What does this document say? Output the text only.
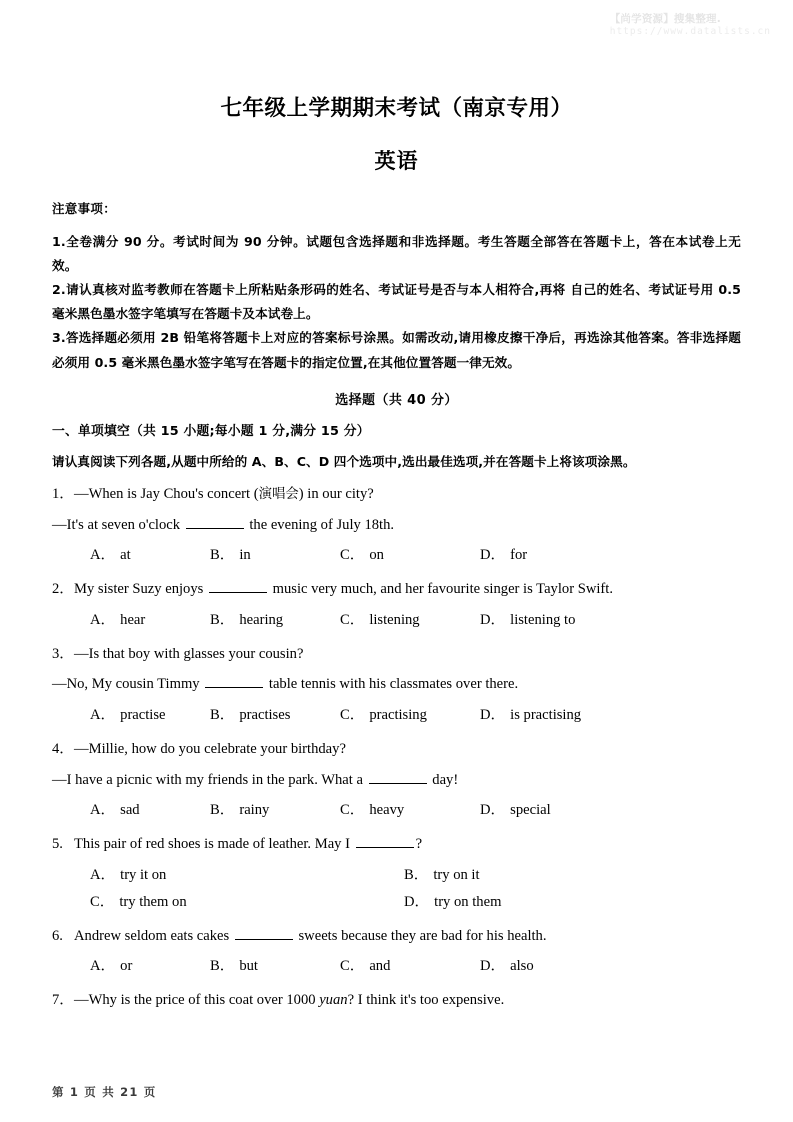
【尚学资源】搜集整理.
https://www.datalists.cn
七年级上学期期末考试（南京专用）
英语
注意事项：

1.全卷满分 90 分。考试时间为 90 分钟。试题包含选择题和非选择题。考生答题全部答在答题卡上，答在本试卷上无效。

2.请认真核对监考教师在答题卡上所粘贴条形码的姓名、考试证号是否与本人相符合,再将 自己的姓名、考试证号用 0.5 毫米黑色墨水签字笔填写在答题卡及本试卷上。

3.答选择题必须用 2B 铅笔将答题卡上对应的答案标号涂黑。如需改动,请用橡皮擦干净后，再选涂其他答案。答非选择题必须用 0.5 毫米黑色墨水签字笔写在答题卡的指定位置,在其他位置答题一律无效。

选择题（共 40 分）
一、单项填空（共 15 小题;每小题 1 分,满分 15 分）
请认真阅读下列各题,从题中所给的 A、B、C、D 四个选项中,选出最佳选项,并在答题卡上将该项涂黑。
1．—When is Jay Chou's concert (演唱会) in our city?
—It's at seven o'clock	the evening of July 18th.
A． at	B． in	C． on	D． for
2．My sister Suzy enjoys	music very much, and her favourite singer is Taylor Swift.
A． hear	B． hearing	C． listening	D． listening to
3．—Is that boy with glasses your cousin?
—No, My cousin Timmy	table tennis with his classmates over there.
A． practise	B． practises	C． practising	D． is practising
4．—Millie, how do you celebrate your birthday?
—I have a picnic with my friends in the park. What a	day!
A． sad	B． rainy	C． heavy	D． special
5. This pair of red shoes is made of leather. May I	?
A． try it on	B． try on it
C． try them on	D． try on them
6. Andrew seldom eats cakes	sweets because they are bad for his health.
A． or	B． but	C． and	D． also
7．—Why is the price of this coat over 1000 yuan? I think it's too expensive.
第 1 页 共 21 页
